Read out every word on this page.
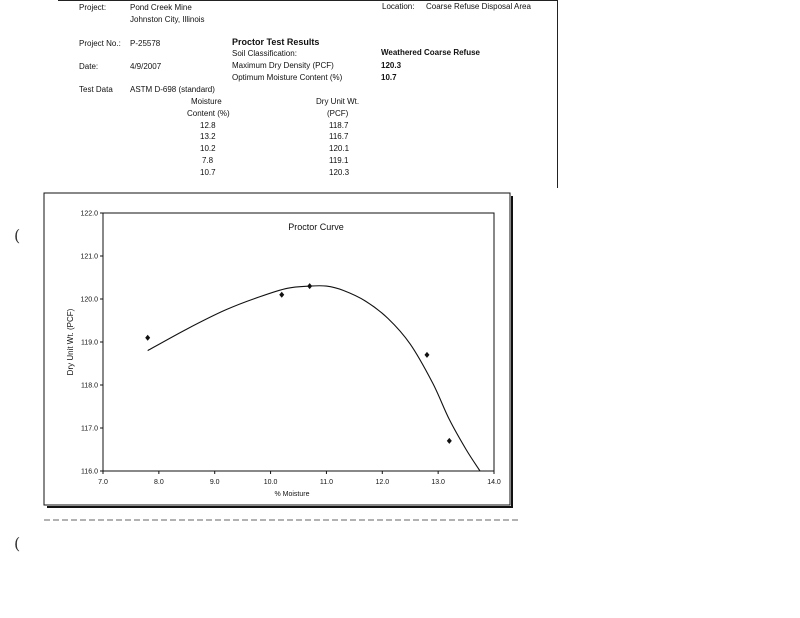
Project:	Pond Creek Mine
Johnston City, Illinois
Location: Coarse Refuse Disposal Area
Project No.: P-25578
Date:	4/9/2007
Test Data ASTM D-698 (standard)
Proctor Test Results
Soil Classification:	Weathered Coarse Refuse
Maximum Dry Density (PCF)	120.3
Optimum Moisture Content (%)	10.7
Moisture
Content (%)
Dry Unit Wt.
(PCF)
12.8	118.7
13.2	116.7
10.2	120.1
7.8	119.1
10.7	120.3
(
(
Proctor Curve
% Moisture
Dry Unit Wt. (PCF)
7.0	8.0	9.0	10.0	11.0	12.0	13.0	14.0
116.0
117.0
118.0
119.0
120.0
121.0
122.0
